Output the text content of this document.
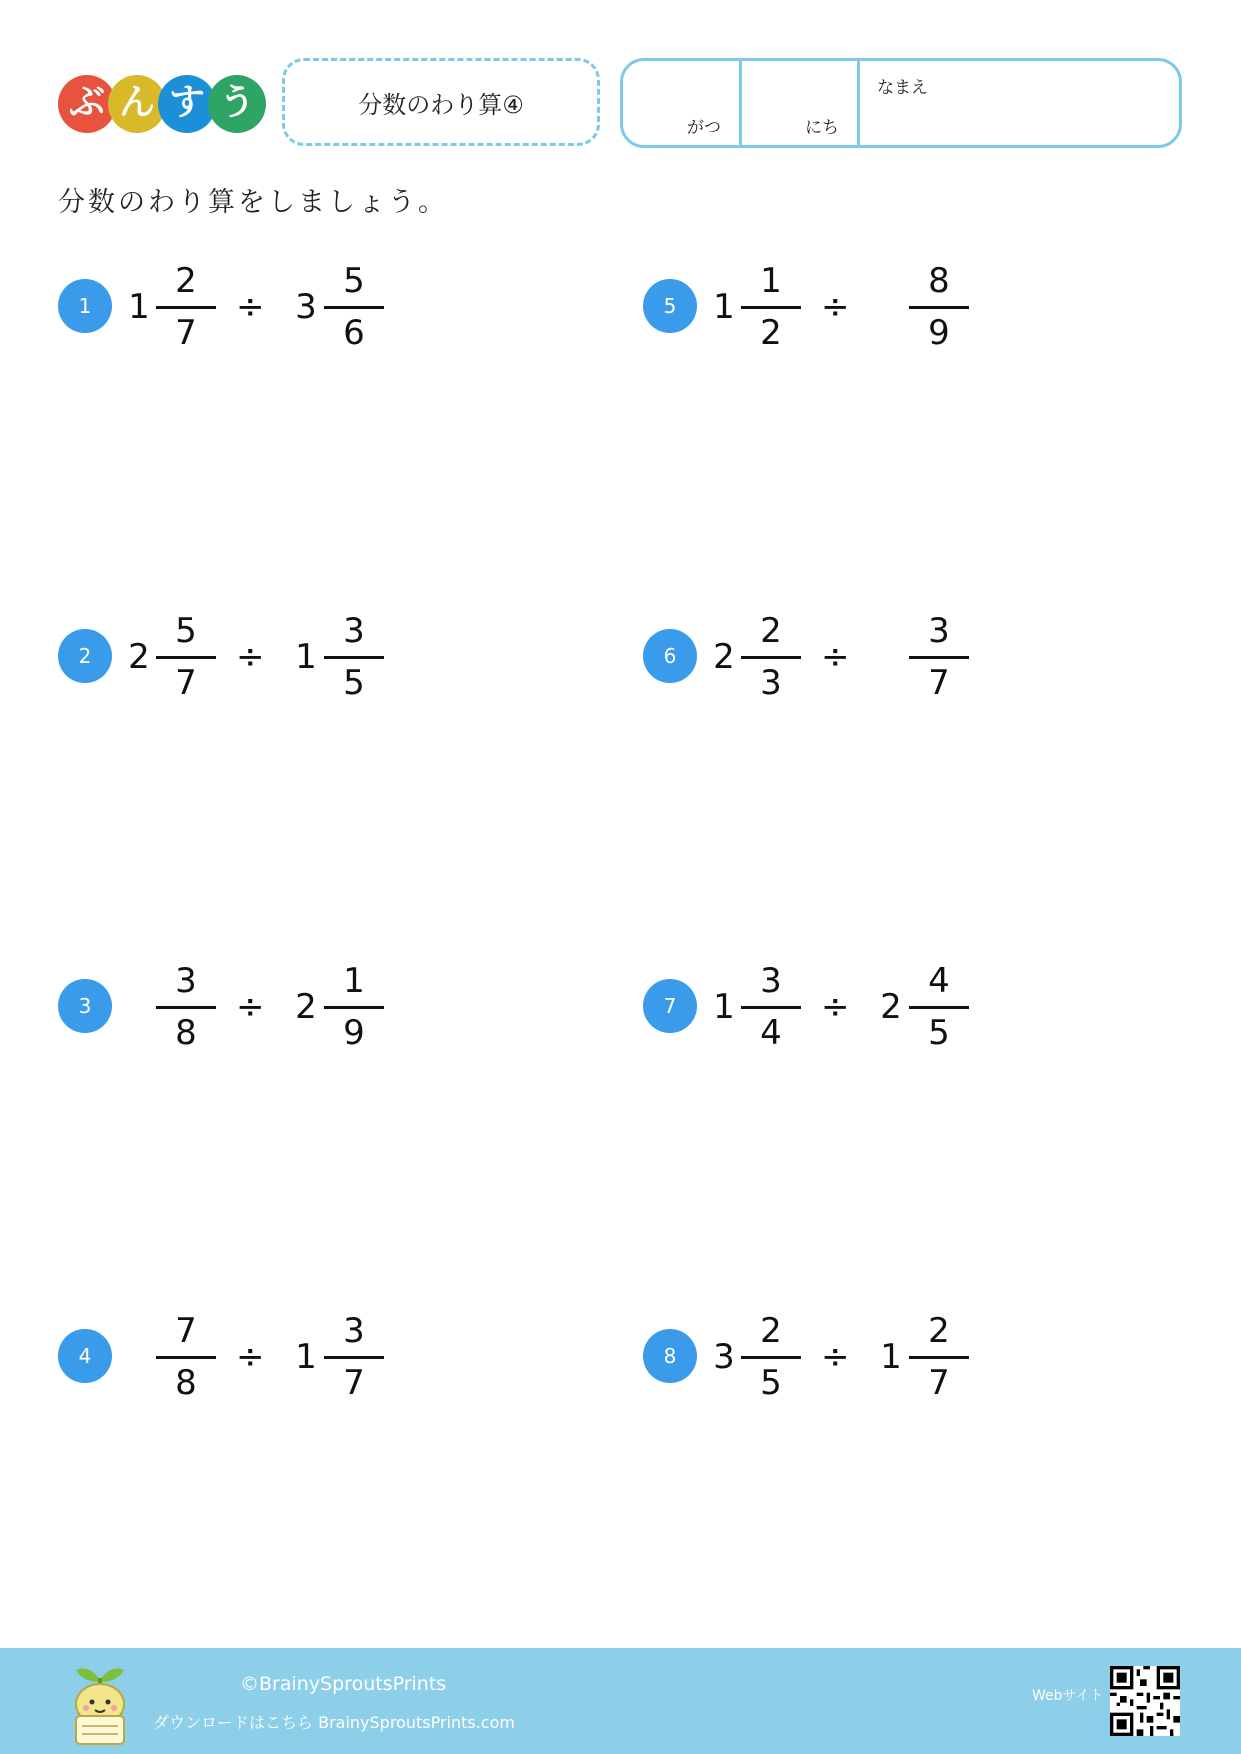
ぶ ん す う	分数のわり算④
がつ	にち
なまえ
分数のわり算をしましょう。
1	1
2
7
÷ 3
5
6
2	2
5
7
÷ 1
3
5
3
3
8
÷ 2
1
9
4
7
8
÷ 1
3
7
5	1
1
2
÷
8
9
6	2
2
3
÷
3
7
7	1
3
4
÷ 2
4
5
8	3
2
5
÷ 1
2
7
©BrainySproutsPrints
ダウンロードはこちら BrainySproutsPrints.com
Webサイト
